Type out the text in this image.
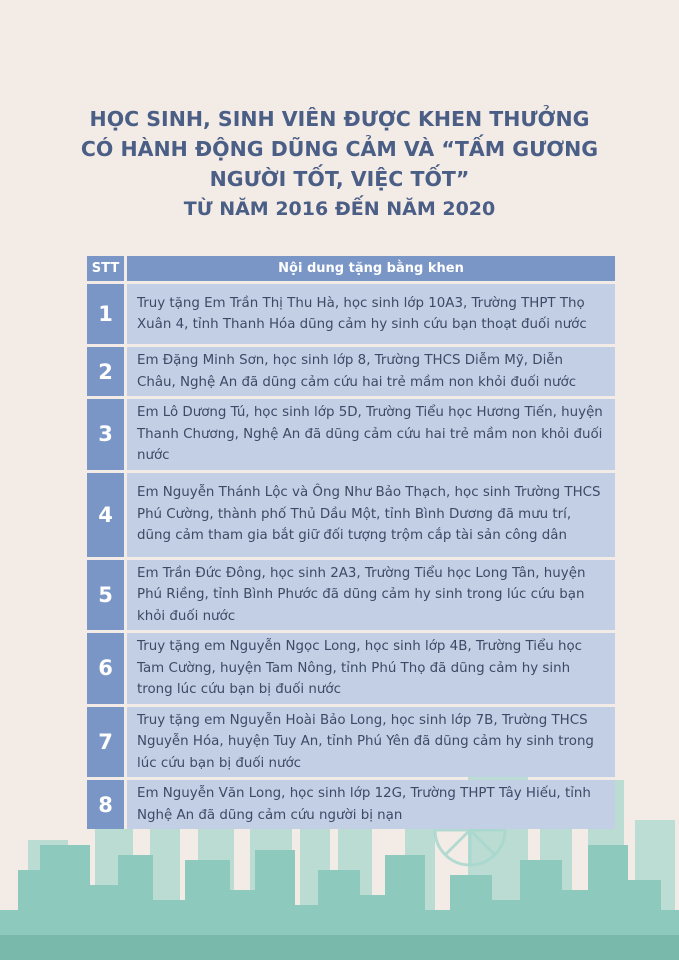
HỌC SINH, SINH VIÊN ĐƯỢC KHEN THƯỞNG
CÓ HÀNH ĐỘNG DŨNG CẢM VÀ “TẤM GƯƠNG
NGƯỜI TỐT, VIỆC TỐT”
TỪ NĂM 2016 ĐẾN NĂM 2020
STT	Nội dung tặng bằng khen
1	Truy tặng Em Trần Thị Thu Hà, học sinh lớp 10A3, Trường THPT Thọ Xuân 4, tỉnh Thanh Hóa dũng cảm hy sinh cứu bạn thoạt đuối nước
2	Em Đặng Minh Sơn, học sinh lớp 8, Trường THCS Diễm Mỹ, Diễn Châu, Nghệ An đã dũng cảm cứu hai trẻ mầm non khỏi đuối nước
3	Em Lô Dương Tú, học sinh lớp 5D, Trường Tiểu học Hương Tiến, huyện Thanh Chương, Nghệ An đã dũng cảm cứu hai trẻ mầm non khỏi đuối nước
4	Em Nguyễn Thánh Lộc và Ông Như Bảo Thạch, học sinh Trường THCS Phú Cường, thành phố Thủ Dầu Một, tỉnh Bình Dương đã mưu trí, dũng cảm tham gia bắt giữ đối tượng trộm cắp tài sản công dân
5	Em Trần Đức Đông, học sinh 2A3, Trường Tiểu học Long Tân, huyện Phú Riềng, tỉnh Bình Phước đã dũng cảm hy sinh trong lúc cứu bạn khỏi đuối nước
6	Truy tặng em Nguyễn Ngọc Long, học sinh lớp 4B, Trường Tiểu học Tam Cường, huyện Tam Nông, tỉnh Phú Thọ đã dũng cảm hy sinh trong lúc cứu bạn bị đuối nước
7	Truy tặng em Nguyễn Hoài Bảo Long, học sinh lớp 7B, Trường THCS Nguyễn Hóa, huyện Tuy An, tỉnh Phú Yên đã dũng cảm hy sinh trong lúc cứu bạn bị đuối nước
8	Em Nguyễn Văn Long, học sinh lớp 12G, Trường THPT Tây Hiếu, tỉnh Nghệ An đã dũng cảm cứu người bị nạn
